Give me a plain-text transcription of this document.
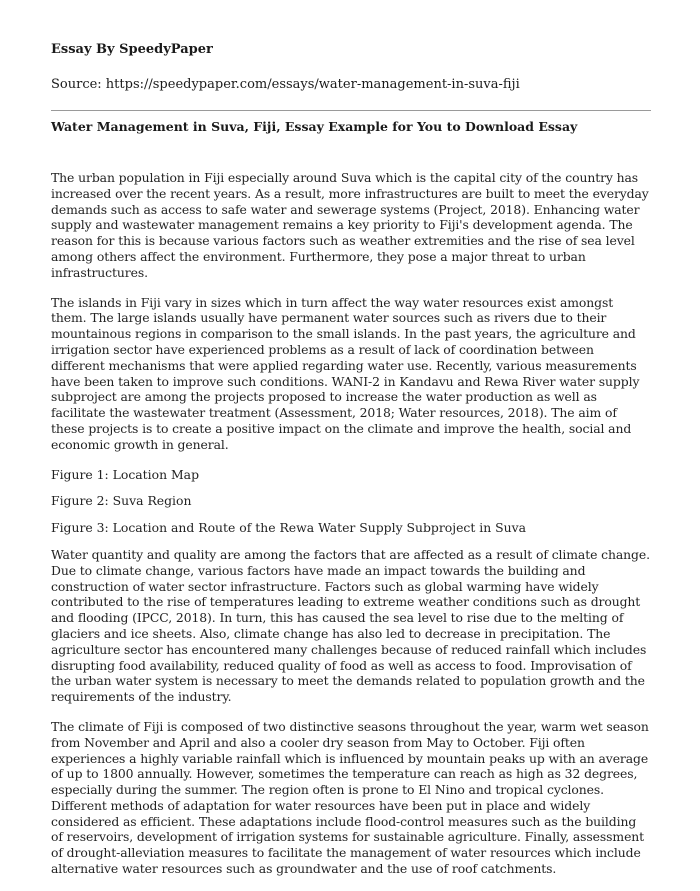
Essay By SpeedyPaper
Source: https://speedypaper.com/essays/water-management-in-suva-fiji
Water Management in Suva, Fiji, Essay Example for You to Download Essay

The urban population in Fiji especially around Suva which is the capital city of the country has increased over the recent years. As a result, more infrastructures are built to meet the everyday demands such as access to safe water and sewerage systems (Project, 2018). Enhancing water supply and wastewater management remains a key priority to Fiji's development agenda. The reason for this is because various factors such as weather extremities and the rise of sea level among others affect the environment. Furthermore, they pose a major threat to urban infrastructures.

The islands in Fiji vary in sizes which in turn affect the way water resources exist amongst them. The large islands usually have permanent water sources such as rivers due to their mountainous regions in comparison to the small islands. In the past years, the agriculture and irrigation sector have experienced problems as a result of lack of coordination between different mechanisms that were applied regarding water use. Recently, various measurements have been taken to improve such conditions. WANI-2 in Kandavu and Rewa River water supply subproject are among the projects proposed to increase the water production as well as facilitate the wastewater treatment (Assessment, 2018; Water resources, 2018). The aim of these projects is to create a positive impact on the climate and improve the health, social and economic growth in general.

Figure 1: Location Map

Figure 2: Suva Region

Figure 3: Location and Route of the Rewa Water Supply Subproject in Suva

Water quantity and quality are among the factors that are affected as a result of climate change. Due to climate change, various factors have made an impact towards the building and construction of water sector infrastructure. Factors such as global warming have widely contributed to the rise of temperatures leading to extreme weather conditions such as drought and flooding (IPCC, 2018). In turn, this has caused the sea level to rise due to the melting of glaciers and ice sheets. Also, climate change has also led to decrease in precipitation. The agriculture sector has encountered many challenges because of reduced rainfall which includes disrupting food availability, reduced quality of food as well as access to food. Improvisation of the urban water system is necessary to meet the demands related to population growth and the requirements of the industry.

The climate of Fiji is composed of two distinctive seasons throughout the year, warm wet season from November and April and also a cooler dry season from May to October. Fiji often experiences a highly variable rainfall which is influenced by mountain peaks up with an average of up to 1800 annually. However, sometimes the temperature can reach as high as 32 degrees, especially during the summer. The region often is prone to El Nino and tropical cyclones. Different methods of adaptation for water resources have been put in place and widely considered as efficient. These adaptations include flood-control measures such as the building of reservoirs, development of irrigation systems for sustainable agriculture. Finally, assessment of drought-alleviation measures to facilitate the management of water resources which include alternative water resources such as groundwater and the use of roof catchments.
